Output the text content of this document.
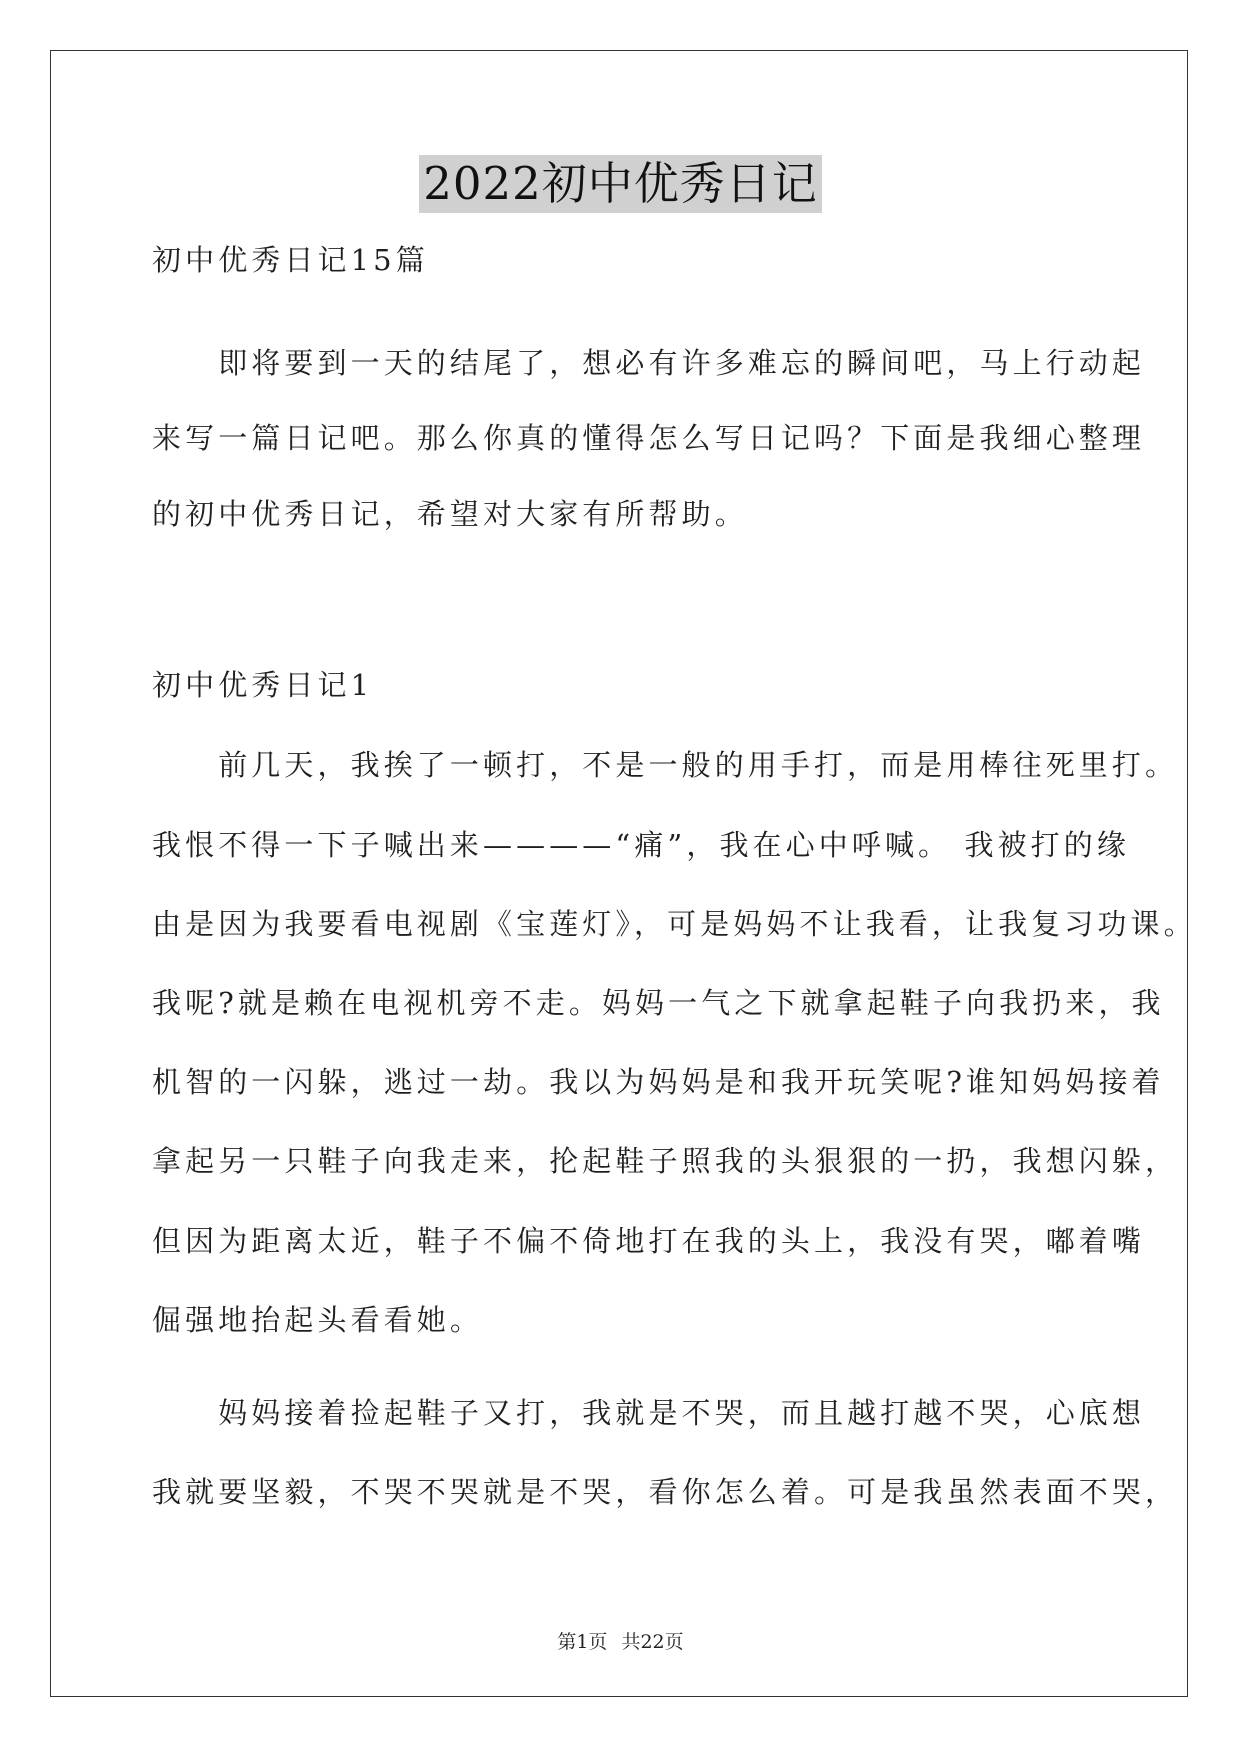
2022初中优秀日记
初中优秀日记15篇
　　即将要到一天的结尾了，想必有许多难忘的瞬间吧，马上行动起
来写一篇日记吧。那么你真的懂得怎么写日记吗？下面是我细心整理
的初中优秀日记，希望对大家有所帮助。
初中优秀日记1
　　前几天，我挨了一顿打，不是一般的用手打，而是用棒往死里打。
我恨不得一下子喊出来————“痛”，我在心中呼喊。 我被打的缘
由是因为我要看电视剧《宝莲灯》，可是妈妈不让我看，让我复习功课。
我呢?就是赖在电视机旁不走。妈妈一气之下就拿起鞋子向我扔来，我
机智的一闪躲，逃过一劫。我以为妈妈是和我开玩笑呢?谁知妈妈接着
拿起另一只鞋子向我走来，抡起鞋子照我的头狠狠的一扔，我想闪躲，
但因为距离太近，鞋子不偏不倚地打在我的头上，我没有哭，嘟着嘴
倔强地抬起头看看她。
　　妈妈接着捡起鞋子又打，我就是不哭，而且越打越不哭，心底想
我就要坚毅，不哭不哭就是不哭，看你怎么着。可是我虽然表面不哭，
第1页 共22页
